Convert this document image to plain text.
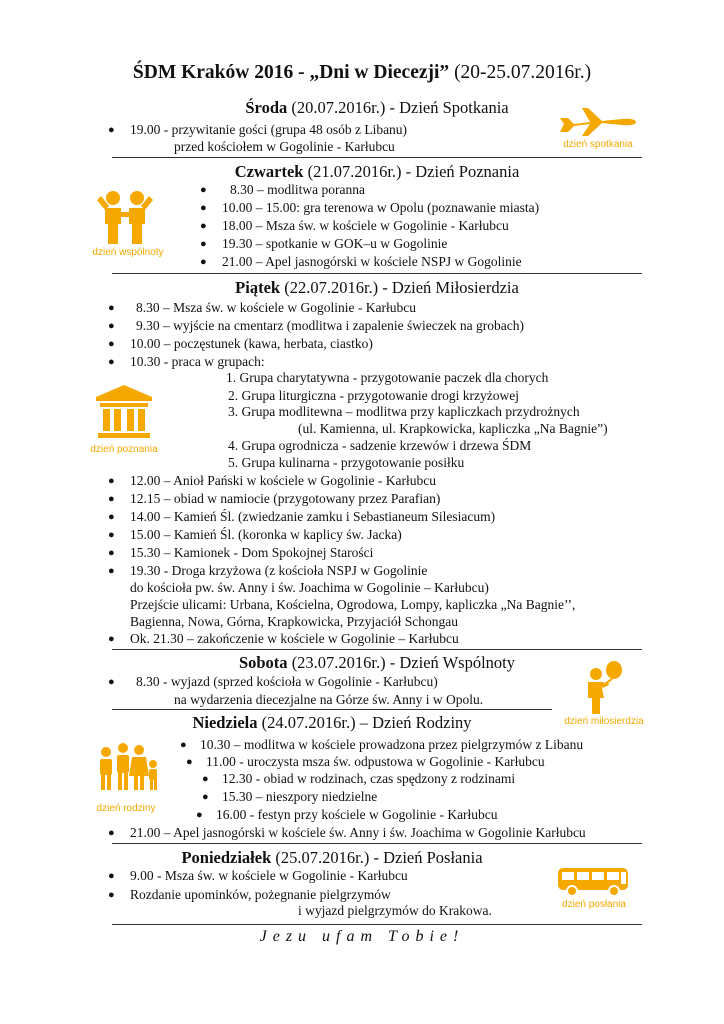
ŚDM Kraków 2016 - „Dni w Diecezji” (20-25.07.2016r.)
Środa (20.07.2016r.) - Dzień Spotkania
● 19.00 - przywitanie gości (grupa 48 osób z Libanu)
przed kościołem w Gogolinie - Karłubcu	dzień spotkania
Czwartek (21.07.2016r.) - Dzień Poznania
● 8.30 – modlitwa poranna
● 10.00 – 15.00: gra terenowa w Opolu (poznawanie miasta)
● 18.00 – Msza św. w kościele w Gogolinie - Karłubcu
● 19.30 – spotkanie w GOK–u w Gogolinie
● 21.00 – Apel jasnogórski w kościele NSPJ w Gogolinie
dzień wspólnoty
Piątek (22.07.2016r.) - Dzień Miłosierdzia
● 8.30 – Msza św. w kościele w Gogolinie - Karłubcu
● 9.30 – wyjście na cmentarz (modlitwa i zapalenie świeczek na grobach)
● 10.00 – poczęstunek (kawa, herbata, ciastko)
● 10.30 - praca w grupach:
1. Grupa charytatywna - przygotowanie paczek dla chorych
2. Grupa liturgiczna - przygotowanie drogi krzyżowej
3. Grupa modlitewna – modlitwa przy kapliczkach przydrożnych
(ul. Kamienna, ul. Krapkowicka, kapliczka „Na Bagnie”)
4. Grupa ogrodnicza - sadzenie krzewów i drzewa ŚDM
5. Grupa kulinarna - przygotowanie posiłku
dzień poznania
● 12.00 – Anioł Pański w kościele w Gogolinie - Karłubcu
● 12.15 – obiad w namiocie (przygotowany przez Parafian)
● 14.00 – Kamień Śl. (zwiedzanie zamku i Sebastianeum Silesiacum)
● 15.00 – Kamień Śl. (koronka w kaplicy św. Jacka)
● 15.30 – Kamionek - Dom Spokojnej Starości
● 19.30 - Droga krzyżowa (z kościoła NSPJ w Gogolinie
do kościoła pw. św. Anny i św. Joachima w Gogolinie – Karłubcu)
Przejście ulicami: Urbana, Kościelna, Ogrodowa, Lompy, kapliczka „Na Bagnie’’,
Bagienna, Nowa, Górna, Krapkowicka, Przyjaciół Schongau
● Ok. 21.30 – zakończenie w kościele w Gogolinie – Karłubcu
Sobota (23.07.2016r.) - Dzień Wspólnoty
● 8.30 - wyjazd (sprzed kościoła w Gogolinie - Karłubcu)
na wydarzenia diecezjalne na Górze św. Anny i w Opolu.
dzień miłosierdzia
Niedziela (24.07.2016r.) – Dzień Rodziny
● 10.30 – modlitwa w kościele prowadzona przez pielgrzymów z Libanu
● 11.00 - uroczysta msza św. odpustowa w Gogolinie - Karłubcu
● 12.30 - obiad w rodzinach, czas spędzony z rodzinami
● 15.30 – nieszpory niedzielne
● 16.00 - festyn przy kościele w Gogolinie - Karłubcu
● 21.00 – Apel jasnogórski w kościele św. Anny i św. Joachima w Gogolinie Karłubcu
dzień rodziny
Poniedziałek (25.07.2016r.) - Dzień Posłania
● 9.00 - Msza św. w kościele w Gogolinie - Karłubcu
● Rozdanie upominków, pożegnanie pielgrzymów
i wyjazd pielgrzymów do Krakowa.	dzień posłania
Jezu ufam Tobie!
